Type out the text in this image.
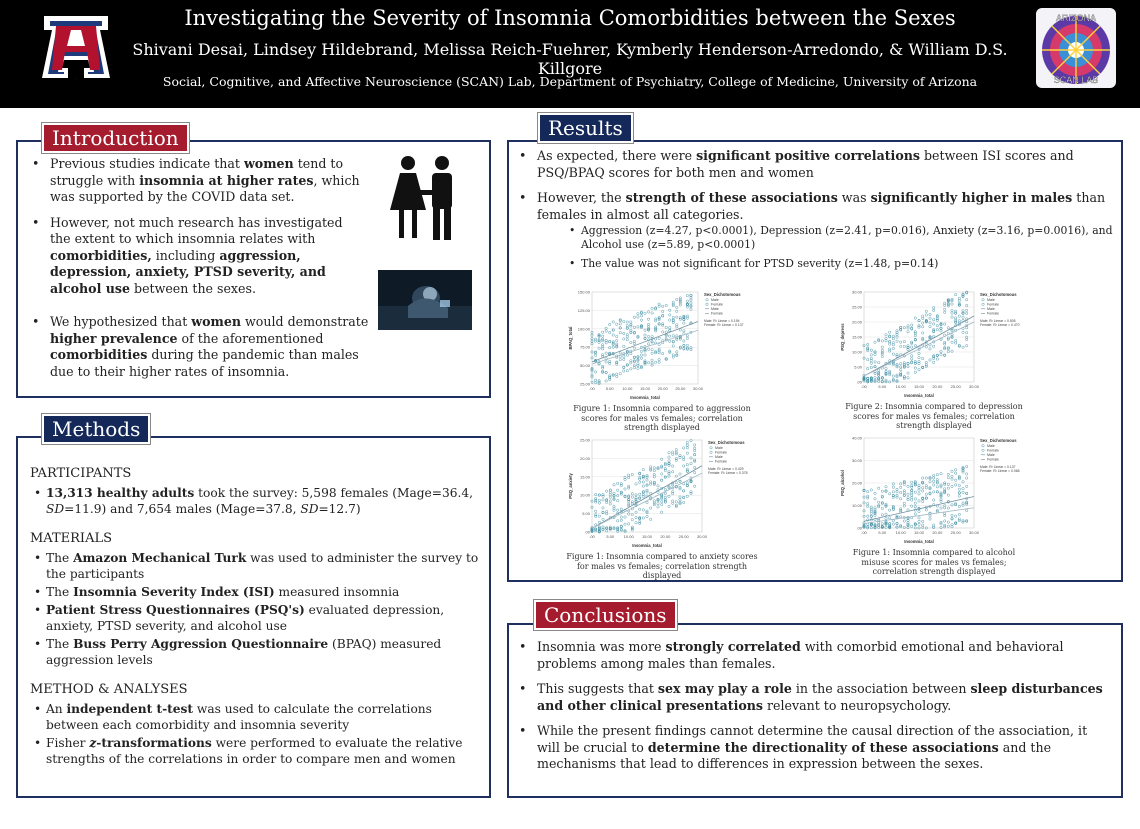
A
Investigating the Severity of Insomnia Comorbidities between the Sexes
Shivani Desai, Lindsey Hildebrand, Melissa Reich-Fuehrer, Kymberly Henderson-Arredondo, & William D.S. Killgore
Social, Cognitive, and Affective Neuroscience (SCAN) Lab, Department of Psychiatry, College of Medicine, University of Arizona
ARIZONA
SCAN LAB
• Previous studies indicate that women tend to struggle with insomnia at higher rates, which was supported by the COVID data set.
• However, not much research has investigated the extent to which insomnia relates with comorbidities, including aggression, depression, anxiety, PTSD severity, and alcohol use between the sexes.
• We hypothesized that women would demonstrate higher prevalence of the aforementioned comorbidities during the pandemic than males due to their higher rates of insomnia.
Introduction
PARTICIPANTS
• 13,313 healthy adults took the survey: 5,598 females (Mage=36.4, SD=11.9) and 7,654 males (Mage=37.8, SD=12.7)
MATERIALS
• The Amazon Mechanical Turk was used to administer the survey to the participants
• The Insomnia Severity Index (ISI) measured insomnia
• Patient Stress Questionnaires (PSQ's) evaluated depression, anxiety, PTSD severity, and alcohol use
• The Buss Perry Aggression Questionnaire (BPAQ) measured aggression levels
METHOD & ANALYSES
• An independent t-test was used to calculate the correlations between each comorbidity and insomnia severity
• Fisher z-transformations were performed to evaluate the relative strengths of the correlations in order to compare men and women
Methods
• As expected, there were significant positive correlations between ISI scores and PSQ/BPAQ scores for both men and women
• However, the strength of these associations was significantly higher in males than females in almost all categories.
• Aggression (z=4.27, p<0.0001), Depression (z=2.41, p=0.016), Anxiety (z=3.16, p=0.0016), and Alcohol use (z=5.89, p<0.0001)
• The value was not significant for PTSD severity (z=1.48, p=0.14)
Results
150.00
125.00
100.00
75.00
50.00
25.00
.00	5.00 10.00 15.00 20.00 25.00 30.00
BPAQ_total
Insomnia_total
Sex_Dichotomous
Male
Female
Male
Female
Male: R² Linear = 0.194
Female: R² Linear = 0.137
Figure 1: Insomnia compared to aggression scores for males vs females; correlation strength displayed
30.00
25.00
20.00
15.00
10.00
5.00
.00
.00	5.00 10.00 15.00 20.00 25.00 30.00
PSQ_depress
Insomnia_total
Sex_Dichotomous
Male
Female
Male
Female
Male: R² Linear = 0.505
Female: R² Linear = 0.470
Figure 2: Insomnia compared to depression scores for males vs females; correlation strength displayed
25.00
20.00
15.00
10.00
5.00
.00
.00	5.00 10.00 15.00 20.00 25.00 30.00
PSQ_anxiety
Insomnia_total
Sex_Dichotomous
Male
Female
Male
Female
Male: R² Linear = 0.429
Female: R² Linear = 0.378
Figure 1: Insomnia compared to anxiety scores for males vs females; correlation strength displayed
40.00
30.00
20.00
10.00
.00
.00	5.00 10.00 15.00 20.00 25.00 30.00
PSQ_alcohol
Insomnia_total
Sex_Dichotomous
Male
Female
Male
Female
Male: R² Linear = 0.137
Female: R² Linear = 0.068
Figure 1: Insomnia compared to alcohol misuse scores for males vs females; correlation strength displayed
• Insomnia was more strongly correlated with comorbid emotional and behavioral problems among males than females.
• This suggests that sex may play a role in the association between sleep disturbances and other clinical presentations relevant to neuropsychology.
• While the present findings cannot determine the causal direction of the association, it will be crucial to determine the directionality of these associations and the mechanisms that lead to differences in expression between the sexes.
Conclusions
